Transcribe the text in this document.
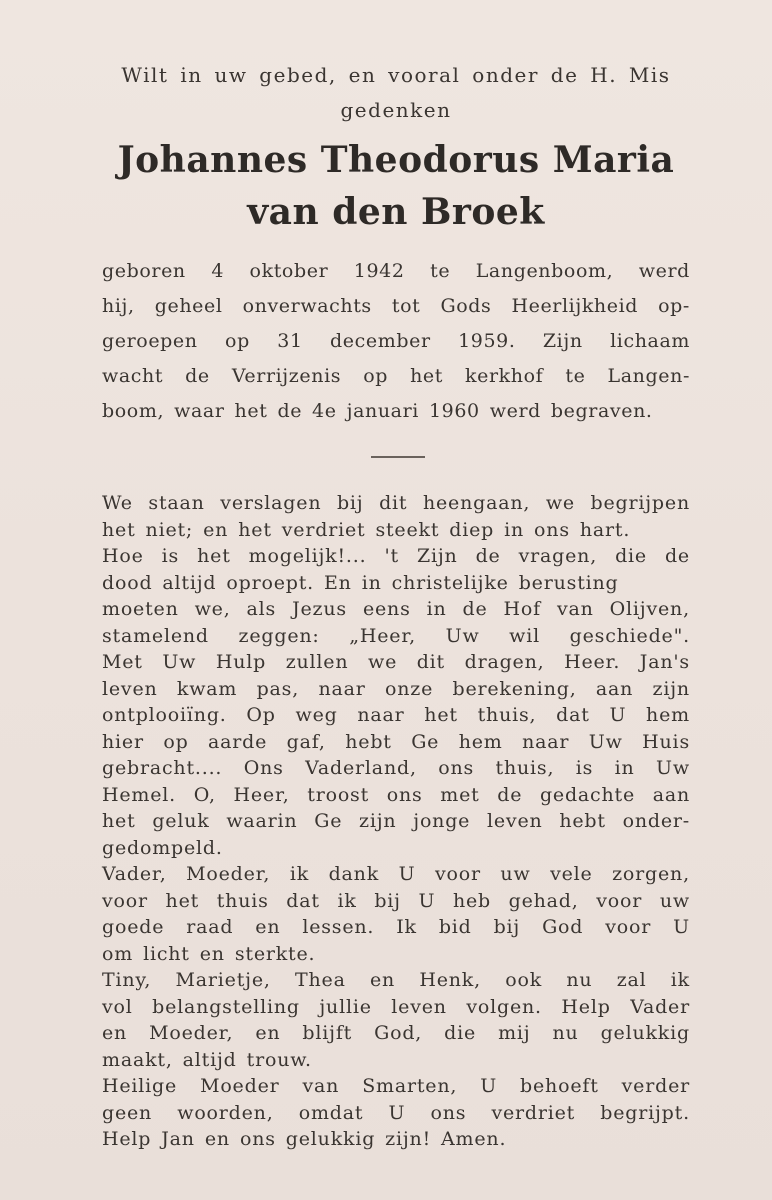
Wilt in uw gebed, en vooral onder de H. Mis
gedenken
Johannes Theodorus Maria
van den Broek
geboren 4 oktober 1942 te Langenboom, werd
hij, geheel onverwachts tot Gods Heerlijkheid op-
geroepen op 31 december 1959. Zijn lichaam
wacht de Verrijzenis op het kerkhof te Langen-
boom, waar het de 4e januari 1960 werd begraven.
We staan verslagen bij dit heengaan, we begrijpen
het niet; en het verdriet steekt diep in ons hart.
Hoe is het mogelijk!... 't Zijn de vragen, die de
dood altijd oproept. En in christelijke berusting
moeten we, als Jezus eens in de Hof van Olijven,
stamelend zeggen: „Heer, Uw wil geschiede".
Met Uw Hulp zullen we dit dragen, Heer. Jan's
leven kwam pas, naar onze berekening, aan zijn
ontplooiïng. Op weg naar het thuis, dat U hem
hier op aarde gaf, hebt Ge hem naar Uw Huis
gebracht.... Ons Vaderland, ons thuis, is in Uw
Hemel. O, Heer, troost ons met de gedachte aan
het geluk waarin Ge zijn jonge leven hebt onder-
gedompeld.
Vader, Moeder, ik dank U voor uw vele zorgen,
voor het thuis dat ik bij U heb gehad, voor uw
goede raad en lessen. Ik bid bij God voor U
om licht en sterkte.
Tiny, Marietje, Thea en Henk, ook nu zal ik
vol belangstelling jullie leven volgen. Help Vader
en Moeder, en blijft God, die mij nu gelukkig
maakt, altijd trouw.
Heilige Moeder van Smarten, U behoeft verder
geen woorden, omdat U ons verdriet begrijpt.
Help Jan en ons gelukkig zijn! Amen.
